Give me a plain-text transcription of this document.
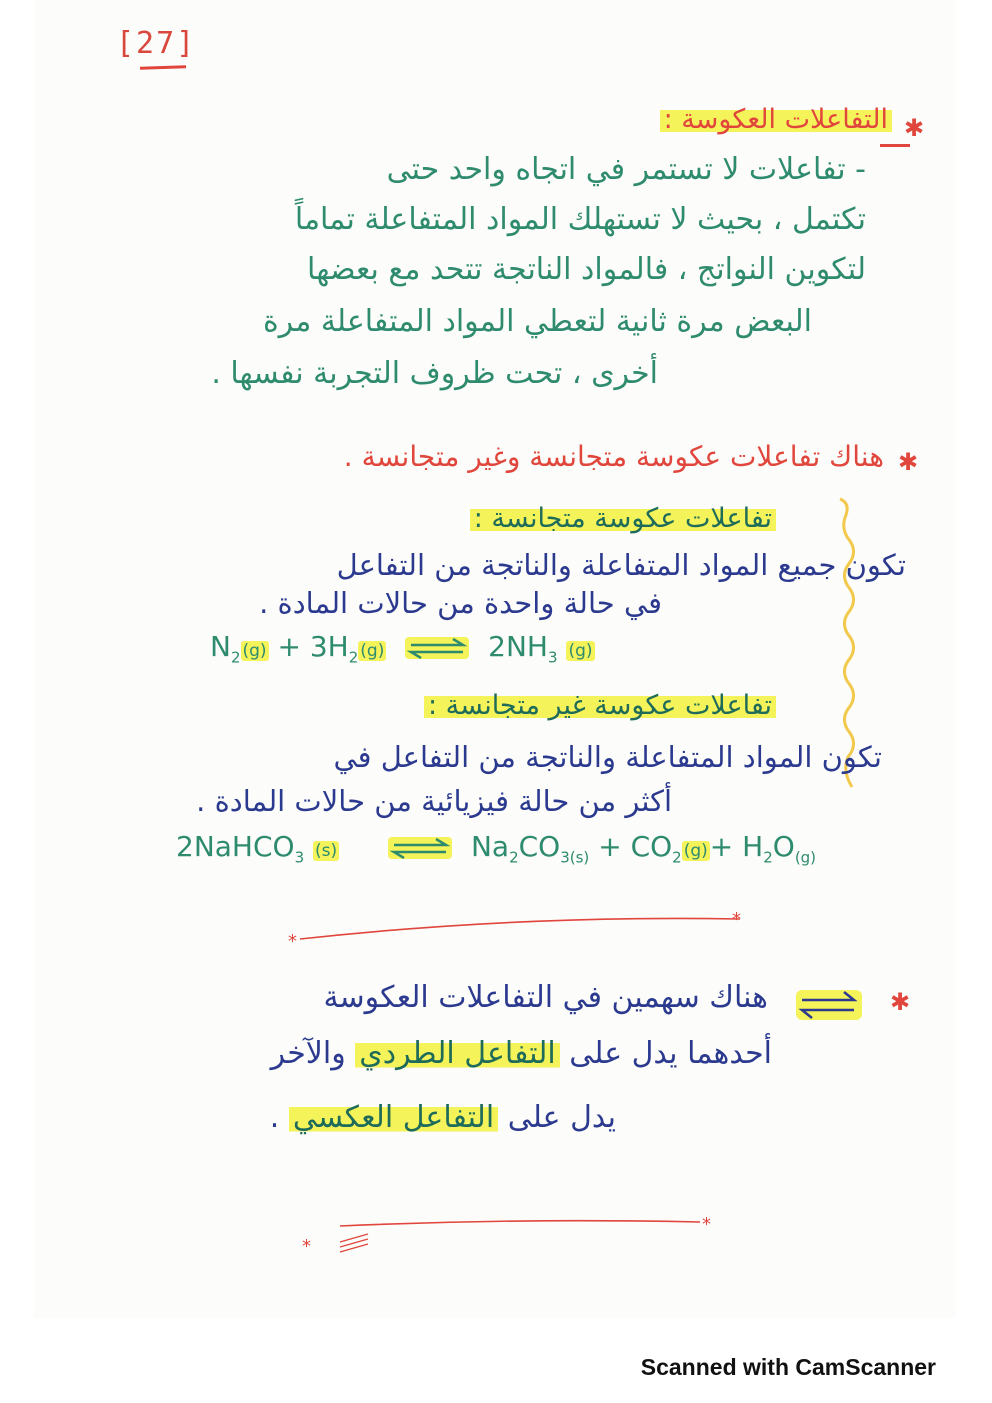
[27]
✱
التفاعلات العكوسة :
- تفاعلات لا تستمر في اتجاه واحد حتى
تكتمل ، بحيث لا تستهلك المواد المتفاعلة تماماً
لتكوين النواتج ، فالمواد الناتجة تتحد مع بعضها
البعض مرة ثانية لتعطي المواد المتفاعلة مرة
أخرى ، تحت ظروف التجربة نفسها .
✱
هناك تفاعلات عكوسة متجانسة وغير متجانسة .
تفاعلات عكوسة متجانسة :
تكون جميع المواد المتفاعلة والناتجة من التفاعل
في حالة واحدة من حالات المادة .
$N_2$ $(g) + 3H_2$ (g)	$2NH_3$ (g)
تفاعلات عكوسة غير متجانسة :
تكون المواد المتفاعلة والناتجة من التفاعل في
أكثر من حالة فيزيائية من حالات المادة .
2NaHCO$_3$ (s)	$Na_2CO_{3(s)} + CO_2$ $(g)+ H_2O_{(g)}$
*
*
✱
هناك سهمين في التفاعلات العكوسة
أحدهما يدل على التفاعل الطردي والآخر
يدل على التفاعل العكسي .
*
*
Scanned with CamScanner
